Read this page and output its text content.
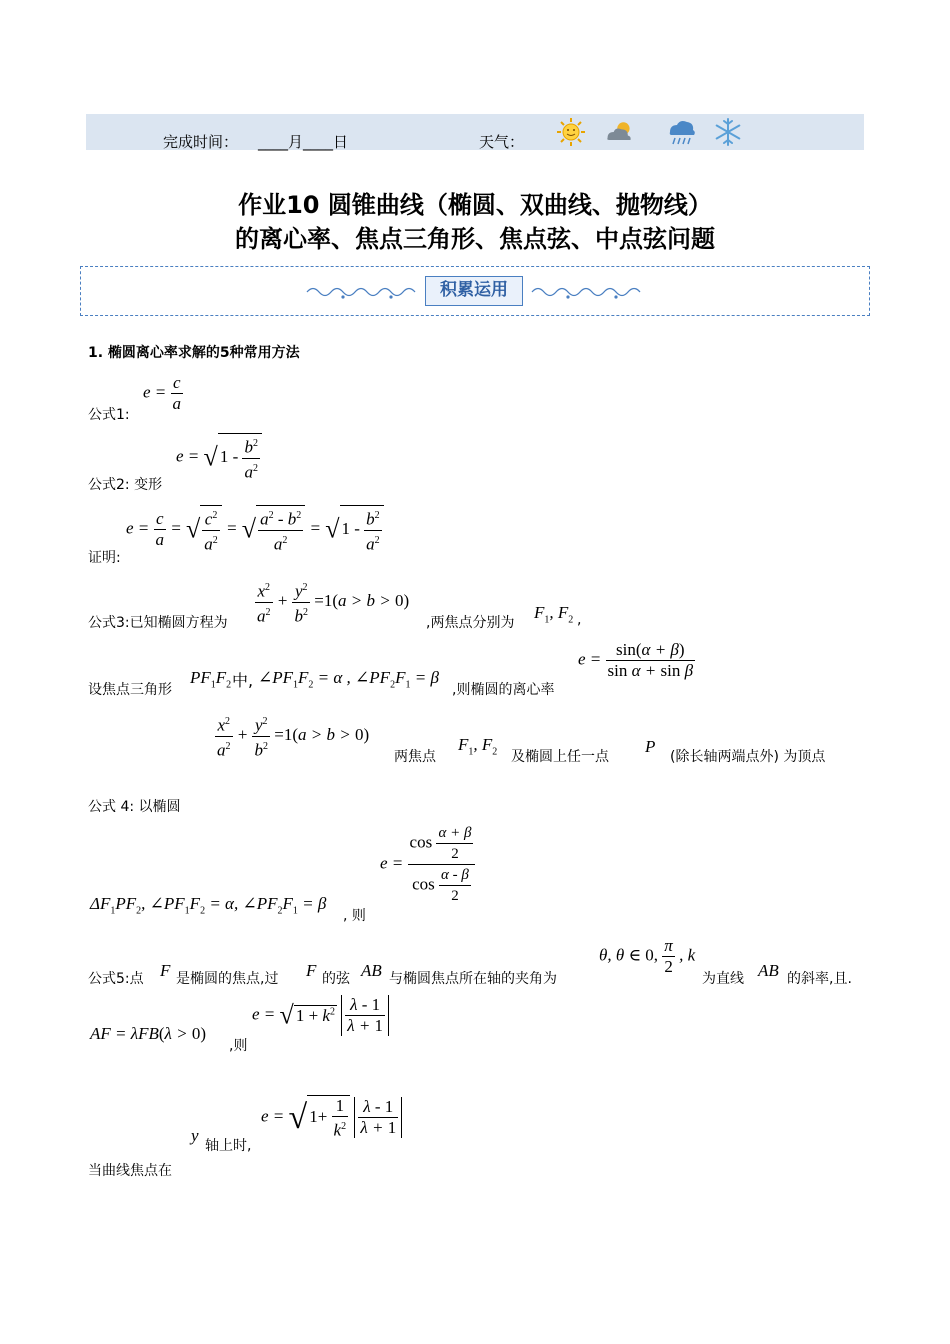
完成时间： ____月____日	天气：
作业10 圆锥曲线（椭圆、双曲线、抛物线）
的离心率、焦点三角形、焦点弦、中点弦问题
积累运用
1. 椭圆离心率求解的5种常用方法
$e = \frac{c}{a}$
公式1:
e = √ $1 - \frac{b^2}{a^2}$
公式2: 变形
$e = \frac{c}{a}$ = √ $\frac{c^2}{a^2}$ = √ $\frac{a^2 - b^2}{a^2}$ = √ $1 - \frac{b^2}{a^2}$
证明:
$\frac{x^2}{a^2} + \frac{y^2}{b^2} =1(a > b > 0)$
公式3:已知椭圆方程为	,两焦点分别为
$F_1$, $F_2$ ,
设焦点三角形
$PF_1F_2$ 中, $\angle PF_1F_2 = \alpha$ , $\angle PF_2F_1 = \beta$
,则椭圆的离心率
$e = \frac{\sin(\alpha + \beta)}{\text{sin α + sin β}}$
$\frac{x^2}{a^2} + \frac{y^2}{b^2} =1(a > b > 0)$
两焦点
$F_1$, $F_2$ 及椭圆上任一点
P
(除长轴两端点外) 为顶点
公式 4: 以椭圆
$e = \frac{\cos \frac{\alpha + \beta}{2}}{\cos \frac{\alpha - \beta}{2}}$
$\Delta F_1PF_2$, $\angle PF_1F_2 = \alpha$, $\angle PF_2F_1 = \beta$
, 则
公式5:点 F 是椭圆的焦点,过 F 的弦 AB 与椭圆焦点所在轴的夹角为
θ, θ ∈ 0, $\frac{\pi}{2}$ , k
为直线 AB 的斜率,且.
AF = λFB(λ > 0)
,则
e = √ $1 + k^2 \frac{\lambda - 1}{\lambda + 1}$
y
轴上时,
e = √ $1+ \frac{1}{k^2}$
$\frac{\lambda - 1}{\lambda + 1}$
当曲线焦点在
